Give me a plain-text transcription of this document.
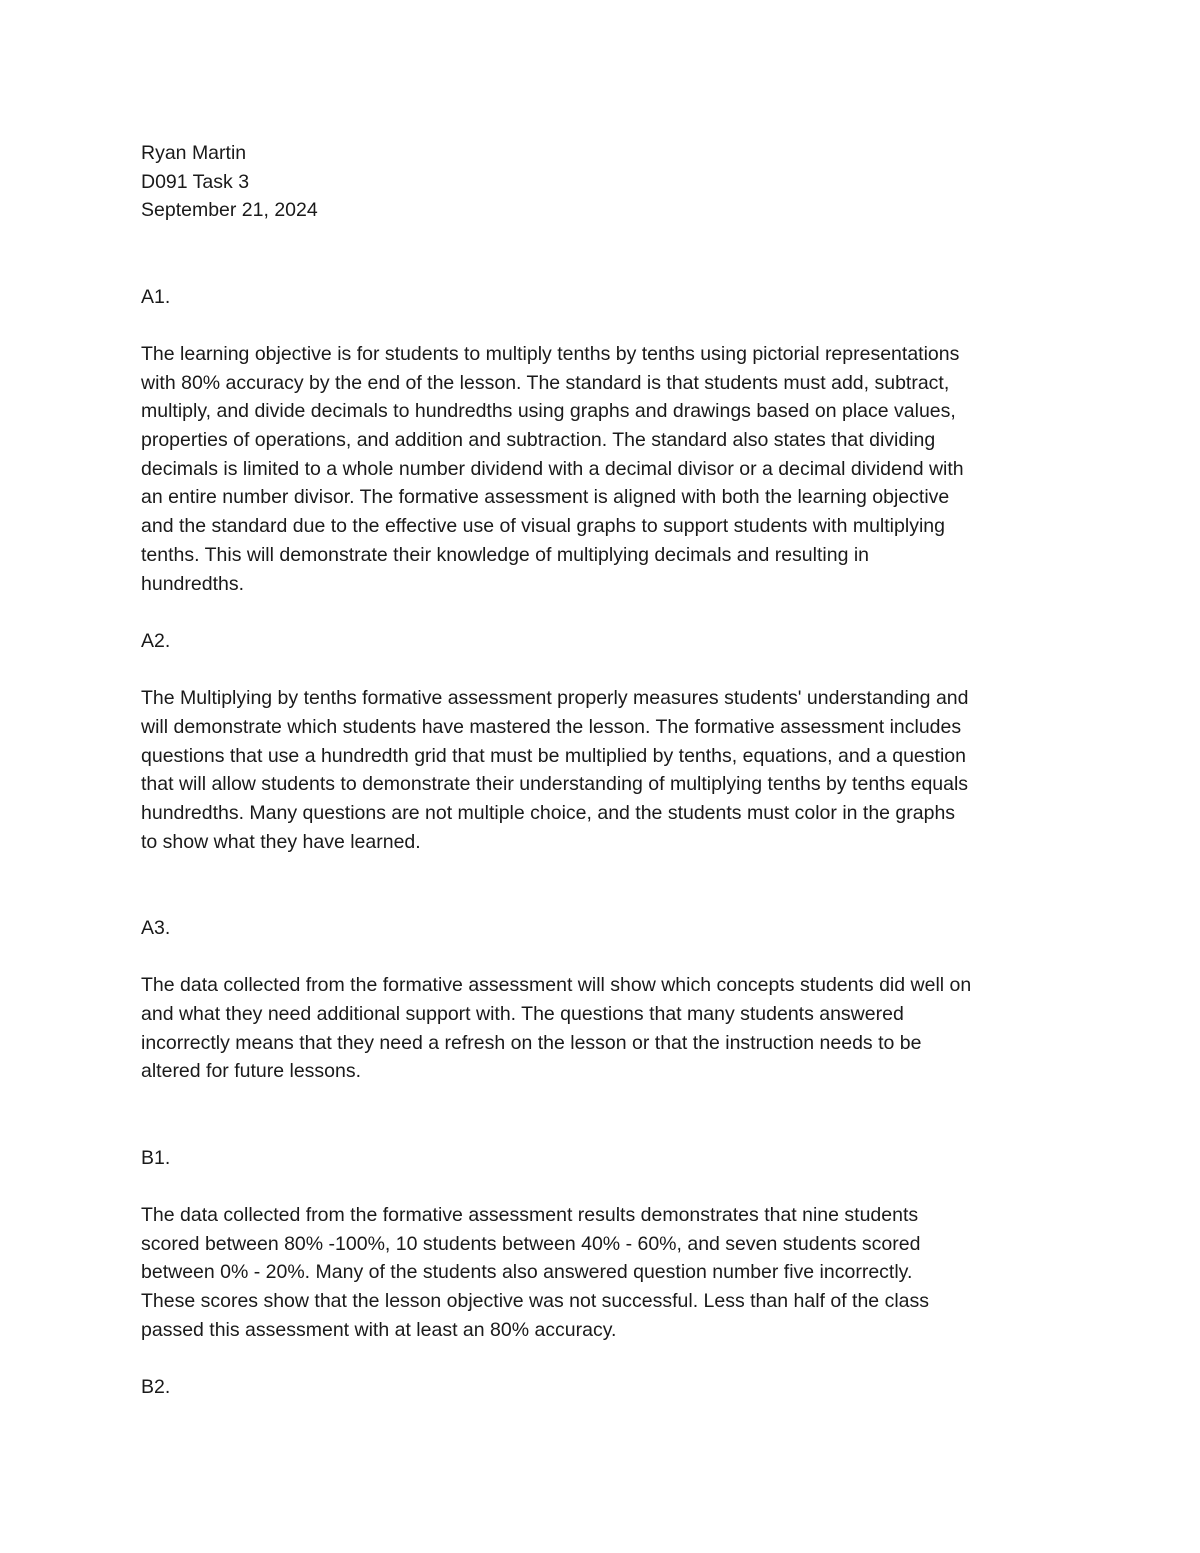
Ryan Martin
D091 Task 3
September 21, 2024
A1.
The learning objective is for students to multiply tenths by tenths using pictorial representations
with 80% accuracy by the end of the lesson. The standard is that students must add, subtract,
multiply, and divide decimals to hundredths using graphs and drawings based on place values,
properties of operations, and addition and subtraction. The standard also states that dividing
decimals is limited to a whole number dividend with a decimal divisor or a decimal dividend with
an entire number divisor. The formative assessment is aligned with both the learning objective
and the standard due to the effective use of visual graphs to support students with multiplying
tenths. This will demonstrate their knowledge of multiplying decimals and resulting in
hundredths.
A2.
The Multiplying by tenths formative assessment properly measures students' understanding and
will demonstrate which students have mastered the lesson. The formative assessment includes
questions that use a hundredth grid that must be multiplied by tenths, equations, and a question
that will allow students to demonstrate their understanding of multiplying tenths by tenths equals
hundredths. Many questions are not multiple choice, and the students must color in the graphs
to show what they have learned.
A3.
The data collected from the formative assessment will show which concepts students did well on
and what they need additional support with. The questions that many students answered
incorrectly means that they need a refresh on the lesson or that the instruction needs to be
altered for future lessons.
B1.
The data collected from the formative assessment results demonstrates that nine students
scored between 80% -100%, 10 students between 40% - 60%, and seven students scored
between 0% - 20%. Many of the students also answered question number five incorrectly.
These scores show that the lesson objective was not successful. Less than half of the class
passed this assessment with at least an 80% accuracy.
B2.
